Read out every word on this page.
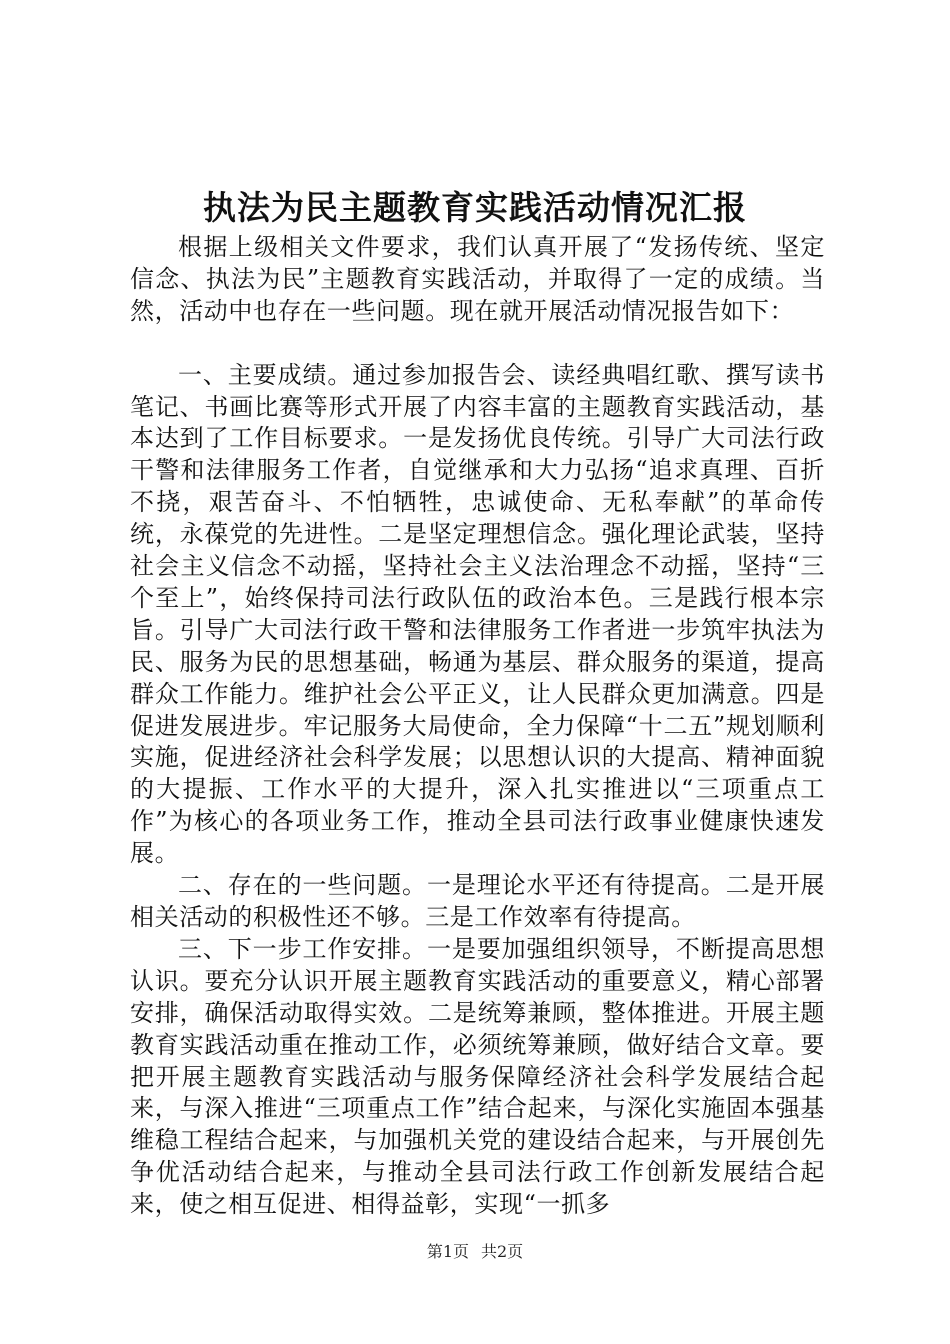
执法为民主题教育实践活动情况汇报

根据上级相关文件要求，我们认真开展了“发扬传统、坚定信念、执法为民”主题教育实践活动，并取得了一定的成绩。当然，活动中也存在一些问题。现在就开展活动情况报告如下：

一、主要成绩。通过参加报告会、读经典唱红歌、撰写读书笔记、书画比赛等形式开展了内容丰富的主题教育实践活动，基本达到了工作目标要求。一是发扬优良传统。引导广大司法行政干警和法律服务工作者，自觉继承和大力弘扬“追求真理、百折不挠，艰苦奋斗、不怕牺牲，忠诚使命、无私奉献”的革命传统，永葆党的先进性。二是坚定理想信念。强化理论武装，坚持社会主义信念不动摇，坚持社会主义法治理念不动摇，坚持“三个至上”，始终保持司法行政队伍的政治本色。三是践行根本宗旨。引导广大司法行政干警和法律服务工作者进一步筑牢执法为民、服务为民的思想基础，畅通为基层、群众服务的渠道，提高群众工作能力。维护社会公平正义，让人民群众更加满意。四是促进发展进步。牢记服务大局使命，全力保障“十二五”规划顺利实施，促进经济社会科学发展；以思想认识的大提高、精神面貌的大提振、工作水平的大提升，深入扎实推进以“三项重点工作”为核心的各项业务工作，推动全县司法行政事业健康快速发展。

二、存在的一些问题。一是理论水平还有待提高。二是开展相关活动的积极性还不够。三是工作效率有待提高。

三、下一步工作安排。一是要加强组织领导，不断提高思想认识。要充分认识开展主题教育实践活动的重要意义，精心部署安排，确保活动取得实效。二是统筹兼顾，整体推进。开展主题教育实践活动重在推动工作，必须统筹兼顾，做好结合文章。要把开展主题教育实践活动与服务保障经济社会科学发展结合起来，与深入推进“三项重点工作”结合起来，与深化实施固本强基维稳工程结合起来，与加强机关党的建设结合起来，与开展创先争优活动结合起来，与推动全县司法行政工作创新发展结合起来，使之相互促进、相得益彰，实现“一抓多

第1页 共2页
